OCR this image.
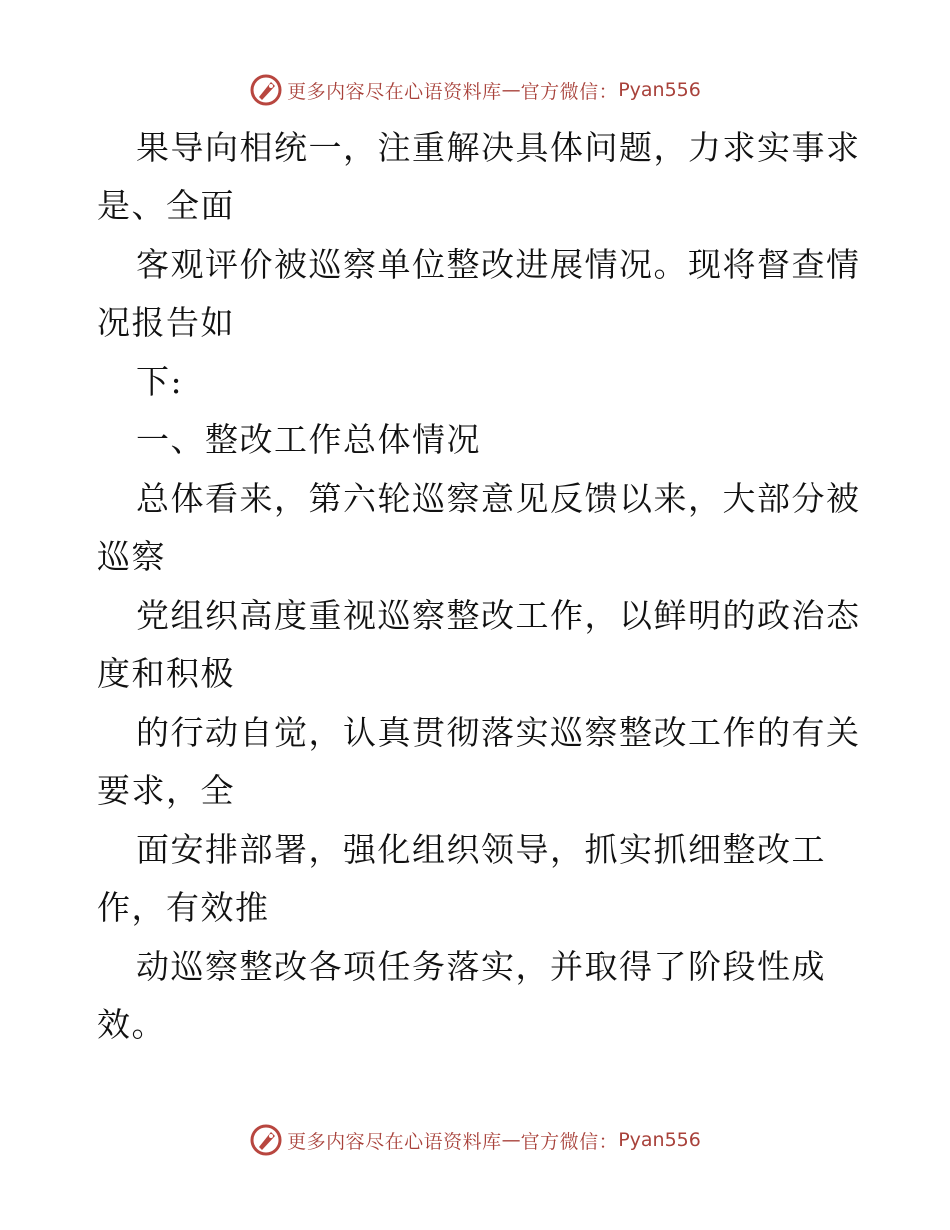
更多内容尽在心语资料库 — 官方微信： Pyan556
果导向相统一，注重解决具体问题，力求实事求
是、全面
客观评价被巡察单位整改进展情况。现将督查情
况报告如
下:
一、整改工作总体情况
总体看来，第六轮巡察意见反馈以来，大部分被
巡察
党组织高度重视巡察整改工作，以鲜明的政治态
度和积极
的行动自觉，认真贯彻落实巡察整改工作的有关
要求，全
面安排部署，强化组织领导，抓实抓细整改工
作，有效推
动巡察整改各项任务落实，并取得了阶段性成
效。
更多内容尽在心语资料库 — 官方微信： Pyan556
